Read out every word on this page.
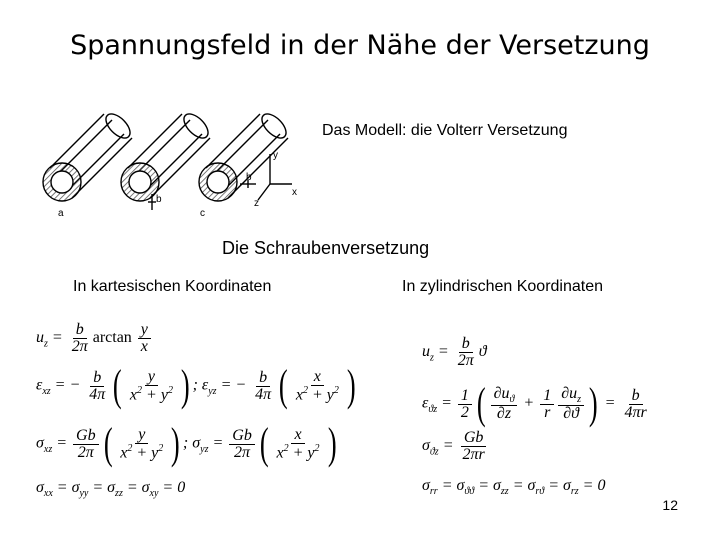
Spannungsfeld in der Nähe der Versetzung
a
b
c
b
y
x
z
Das Modell: die Volterr Versetzung
Die Schraubenversetzung
In kartesischen Koordinaten	In zylindrischen Koordinaten
$u_z = \frac{b}{2\pi}$ $\arctan \frac{y}{x}$
$\varepsilon_{xz}$ = − $\frac{b}{4\pi}$ ( $\frac{y}{x^2 + y^2}$ ) ; $\varepsilon_{yz}$ = − $\frac{b}{4\pi}$ ( $\frac{x}{x^2 + y^2}$ )
$\sigma_{xz} = \frac{Gb}{2\pi}$ ( $\frac{y}{x^2 + y^2}$ ) ; $\sigma_{yz} = \frac{Gb}{2\pi}$ ( $\frac{x}{x^2 + y^2}$ )
$\sigma_{xx} = \sigma_{yy} = \sigma_{zz} = \sigma_{xy} = 0$
$u_z = \frac{b}{2\pi}$ ϑ
$\varepsilon_{ϑz} = \frac{1}{2}$ ( $\frac{\partial u_ϑ}{\partial z} + \frac{1}{r} \frac{\partial u_z}{\partial ϑ}$ ) = $\frac{b}{4\pi r}$
$\sigma_{ϑz} = \frac{Gb}{2\pi r}$
$\sigma_{rr} = \sigma_{ϑϑ} = \sigma_{zz} = \sigma_{rϑ} = \sigma_{rz} = 0$
12
